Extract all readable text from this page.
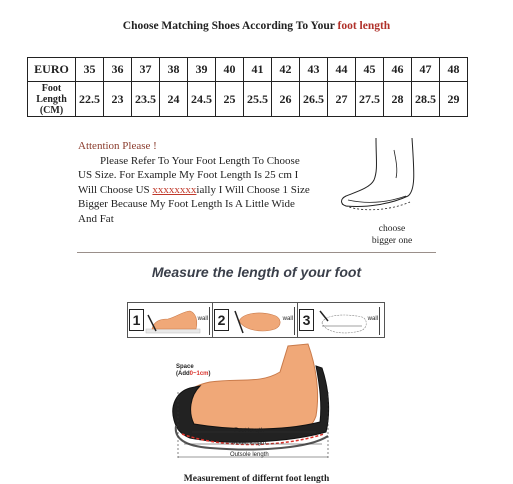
Choose Matching Shoes According To Your foot length
EURO	35	36	37	38	39	40	41	42	43	44	45	46	47	48
Foot
Length
(CM)	22.5	23	23.5	24	24.5	25	25.5	26	26.5	27	27.5	28	28.5	29

Attention Please !

Please Refer To Your Foot Length To Choose

US Size. For Example My Foot Length Is 25 cm I

Will Choose US xxxxxxxxially I Will Choose 1 Size

Bigger Because My Foot Length Is A Little Wide

And Fat

choose
bigger one
Measure the length of your foot
1	wall 2	wall 3	wall
Space
(Add0~1cm)
Foot length
Insole length
Outsole length
Measurement of differnt foot length
